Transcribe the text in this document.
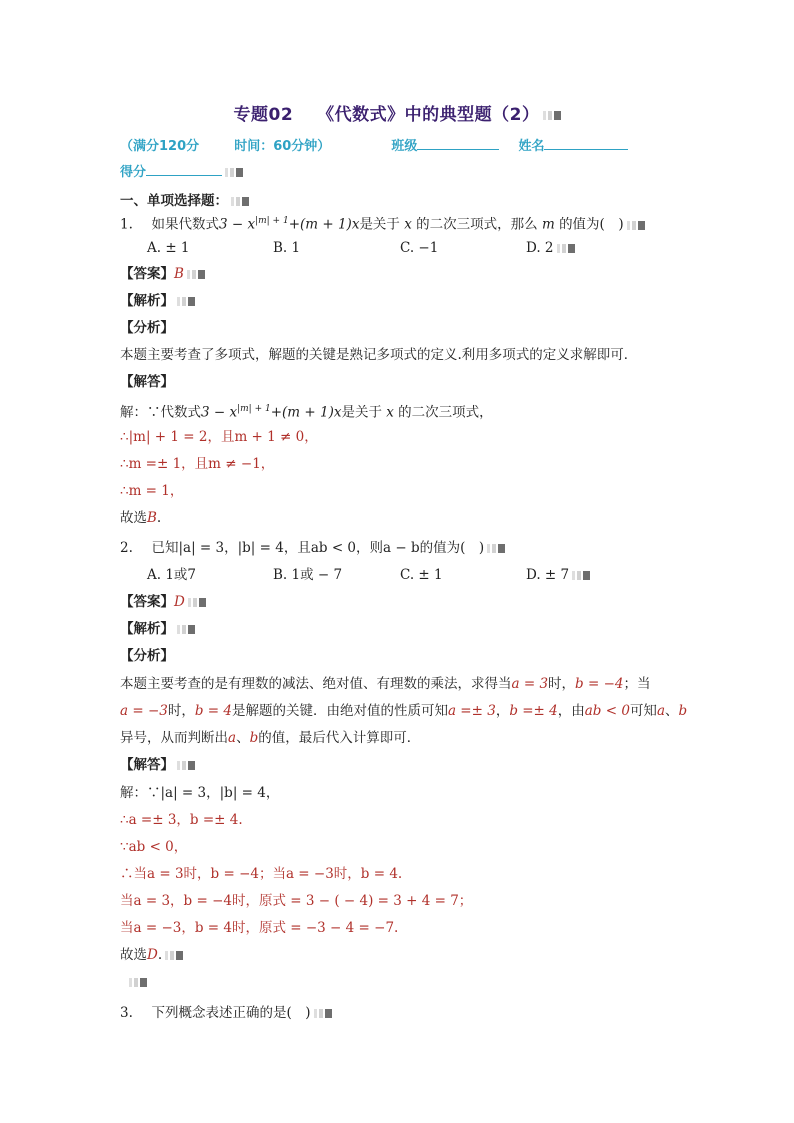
专题02 《代数式》中的典型题（2）
（满分120分	时间：60分钟）	班级	姓名
得分
一、单项选择题：
1. 如果代数式$3 - x^{|m| + 1}+(m + 1)x$是关于 x 的二次三项式，那么 m 的值为(　)
A. ± 1	B. 1	C. −1	D. 2
【答案】B
【解析】
【分析】
本题主要考查了多项式，解题的关键是熟记多项式的定义.利用多项式的定义求解即可．
【解答】
解：∵代数式$3 - x^{|m| + 1}+(m + 1)x$是关于 x 的二次三项式，
∴|m| + 1 = 2，且m + 1 ≠ 0，
∴m =± 1，且m ≠ −1，
∴m = 1，
故选B.
2. 已知|a| = 3，|b| = 4，且ab < 0，则a − b的值为(　)
A. 1或7	B. 1或 − 7	C. ± 1	D. ± 7
【答案】D
【解析】
【分析】
本题主要考查的是有理数的减法、绝对值、有理数的乘法，求得当a = 3时，b = −4；当
a = −3时，b = 4是解题的关键．由绝对值的性质可知a =± 3，b =± 4，由ab < 0可知a、b
异号，从而判断出a、b的值，最后代入计算即可．
【解答】
解：∵|a| = 3，|b| = 4，
∴a =± 3，b =± 4.
∵ab < 0，
∴当a = 3时，b = −4；当a = −3时，b = 4.
当a = 3，b = −4时，原式 = 3 − ( − 4) = 3 + 4 = 7；
当a = −3，b = 4时，原式 = −3 − 4 = −7.
故选D.
3. 下列概念表述正确的是(　)
